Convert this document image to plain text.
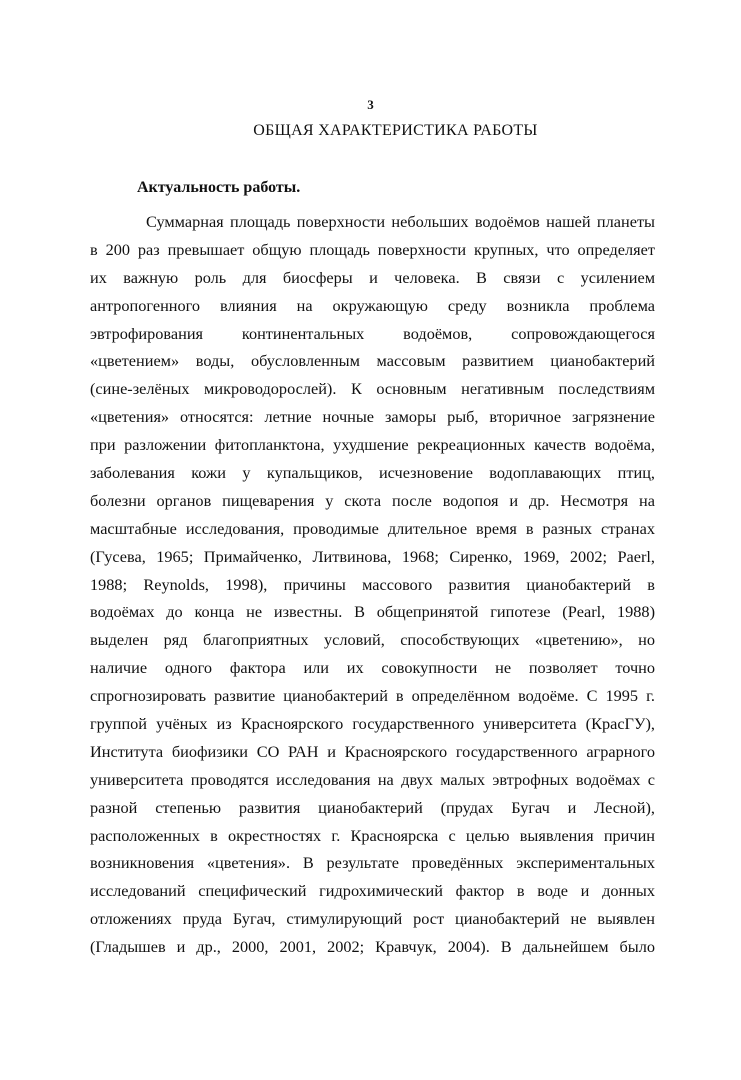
3
ОБЩАЯ ХАРАКТЕРИСТИКА РАБОТЫ
Актуальность работы.
Суммарная площадь поверхности небольших водоёмов нашей планеты
в 200 раз превышает общую площадь поверхности крупных, что определяет
их важную роль для биосферы и человека. В связи с усилением
антропогенного влияния на окружающую среду возникла проблема
эвтрофирования континентальных водоёмов, сопровождающегося
«цветением» воды, обусловленным массовым развитием цианобактерий
(сине-зелёных микроводорослей). К основным негативным последствиям
«цветения» относятся: летние ночные заморы рыб, вторичное загрязнение
при разложении фитопланктона, ухудшение рекреационных качеств водоёма,
заболевания кожи у купальщиков, исчезновение водоплавающих птиц,
болезни органов пищеварения у скота после водопоя и др. Несмотря на
масштабные исследования, проводимые длительное время в разных странах
(Гусева, 1965; Примайченко, Литвинова, 1968; Сиренко, 1969, 2002; Paerl,
1988; Reynolds, 1998), причины массового развития цианобактерий в
водоёмах до конца не известны. В общепринятой гипотезе (Pearl, 1988)
выделен ряд благоприятных условий, способствующих «цветению», но
наличие одного фактора или их совокупности не позволяет точно
спрогнозировать развитие цианобактерий в определённом водоёме. С 1995 г.
группой учёных из Красноярского государственного университета (КрасГУ),
Института биофизики СО РАН и Красноярского государственного аграрного
университета проводятся исследования на двух малых эвтрофных водоёмах с
разной степенью развития цианобактерий (прудах Бугач и Лесной),
расположенных в окрестностях г. Красноярска с целью выявления причин
возникновения «цветения». В результате проведённых экспериментальных
исследований специфический гидрохимический фактор в воде и донных
отложениях пруда Бугач, стимулирующий рост цианобактерий не выявлен
(Гладышев и др., 2000, 2001, 2002; Кравчук, 2004). В дальнейшем было
